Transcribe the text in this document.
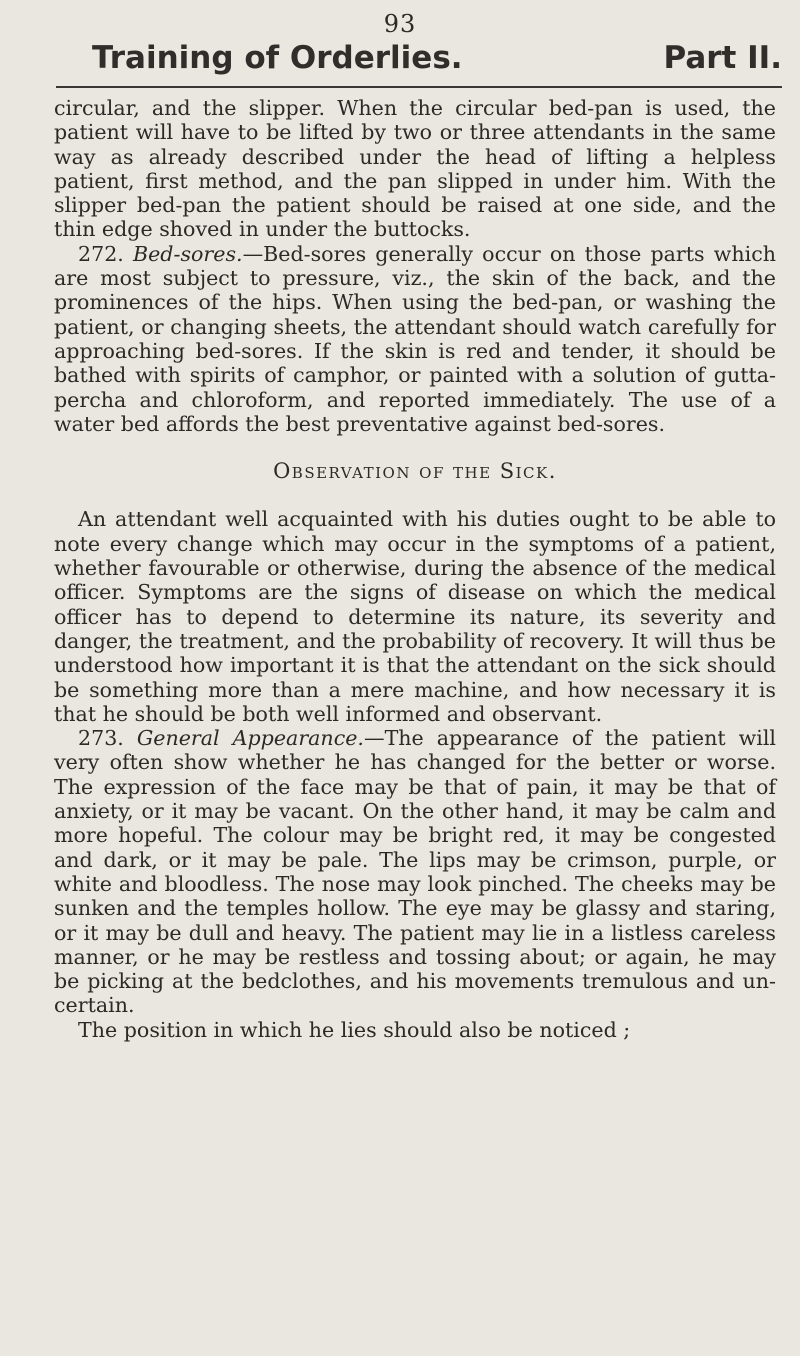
93
Training of Orderlies.	Part II.

circular, and the slipper. When the circular bed-pan is used, the patient will have to be lifted by two or three attendants in the same way as already described under the head of lifting a helpless patient, first method, and the pan slipped in under him. With the slipper bed-pan the patient should be raised at one side, and the thin edge shoved in under the buttocks.

272. Bed-sores.—Bed-sores generally occur on those parts which are most subject to pressure, viz., the skin of the back, and the prominences of the hips. When using the bed-pan, or washing the patient, or changing sheets, the attendant should watch carefully for approaching bed-sores. If the skin is red and tender, it should be bathed with spirits of camphor, or painted with a solution of gutta-percha and chloroform, and reported immediately. The use of a water bed affords the best preventative against bed-sores.

Observation of the Sick.

An attendant well acquainted with his duties ought to be able to note every change which may occur in the symptoms of a patient, whether favourable or otherwise, during the absence of the medical officer. Symptoms are the signs of disease on which the medical officer has to depend to determine its nature, its severity and danger, the treatment, and the probability of recovery. It will thus be understood how important it is that the attendant on the sick should be something more than a mere machine, and how necessary it is that he should be both well informed and observant.

273. General Appearance.—The appearance of the patient will very often show whether he has changed for the better or worse. The expression of the face may be that of pain, it may be that of anxiety, or it may be vacant. On the other hand, it may be calm and more hopeful. The colour may be bright red, it may be congested and dark, or it may be pale. The lips may be crimson, purple, or white and bloodless. The nose may look pinched. The cheeks may be sunken and the temples hollow. The eye may be glassy and staring, or it may be dull and heavy. The patient may lie in a listless careless manner, or he may be restless and tossing about; or again, he may be picking at the bedclothes, and his movements tremulous and un-certain.

The position in which he lies should also be noticed ;
